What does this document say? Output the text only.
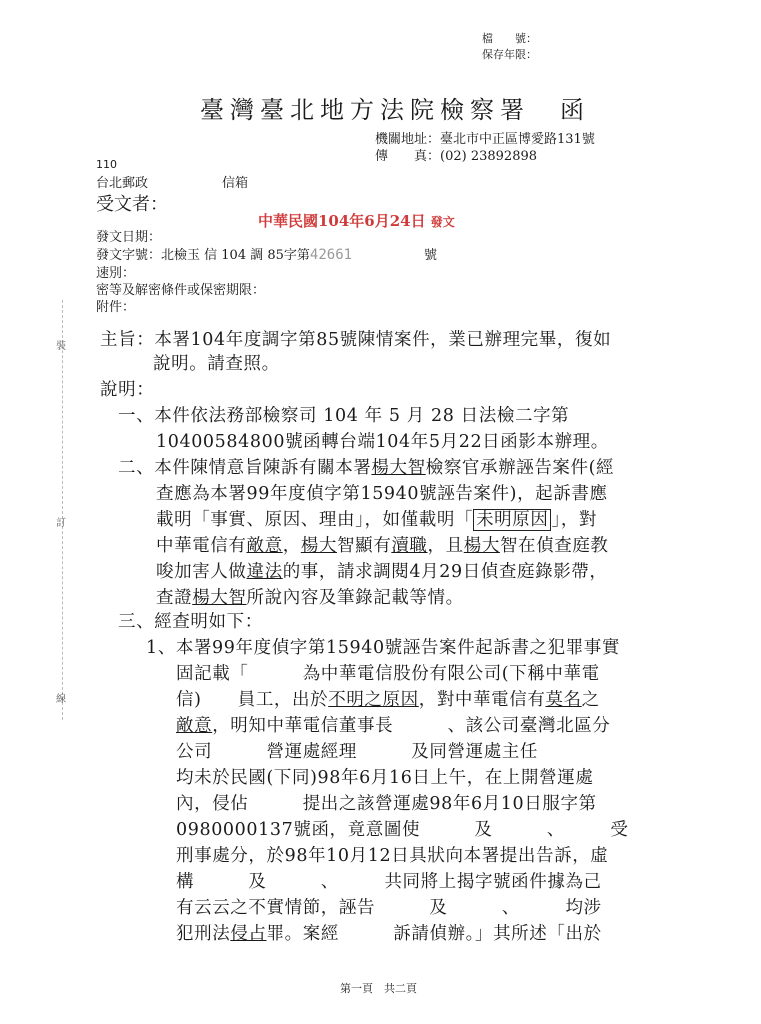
裝
訂
線
檔　　號：
保存年限：
臺灣臺北地方法院檢察署　函
機關地址：臺北市中正區博愛路131號
傳　　真：(02) 23892898
110
台北郵政	信箱
受文者：
中華民國104年6月24日 發文
發文日期：
發文字號：北檢玉 信 104 調 85字第42661	號
速別：
密等及解密條件或保密期限：
附件：
主旨：本署104年度調字第85號陳情案件，業已辦理完畢，復如
說明。請查照。
說明：
一、本件依法務部檢察司 104 年 5 月 28 日法檢二字第
10400584800號函轉台端104年5月22日函影本辦理。
二、本件陳情意旨陳訴有關本署楊大智檢察官承辦誣告案件(經
查應為本署99年度偵字第15940號誣告案件)，起訴書應
載明「事實、原因、理由」，如僅載明「 未明原因 」，對
中華電信有敵意，楊大智顯有瀆職，且楊大智在偵查庭教
唆加害人做違法的事，請求調閱4月29日偵查庭錄影帶，
查證楊大智所說內容及筆錄記載等情。
三、經查明如下：
1、本署99年度偵字第15940號誣告案件起訴書之犯罪事實
固記載「　　　為中華電信股份有限公司(下稱中華電
信)　　員工，出於不明之原因，對中華電信有莫名之
敵意，明知中華電信董事長　　　、該公司臺灣北區分
公司　　　營運處經理　　　及同營運處主任　　　
均未於民國(下同)98年6月16日上午，在上開營運處
內，侵佔　　　提出之該營運處98年6月10日服字第
0980000137號函，竟意圖使　　　及　　　、　　　受
刑事處分，於98年10月12日具狀向本署提出告訴，虛
構　　　及　　　、　　　共同將上揭字號函件據為己
有云云之不實情節，誣告　　　及　　　、　　　均涉
犯刑法侵占罪。案經　　　訴請偵辦。」其所述「出於
第一頁　共二頁
